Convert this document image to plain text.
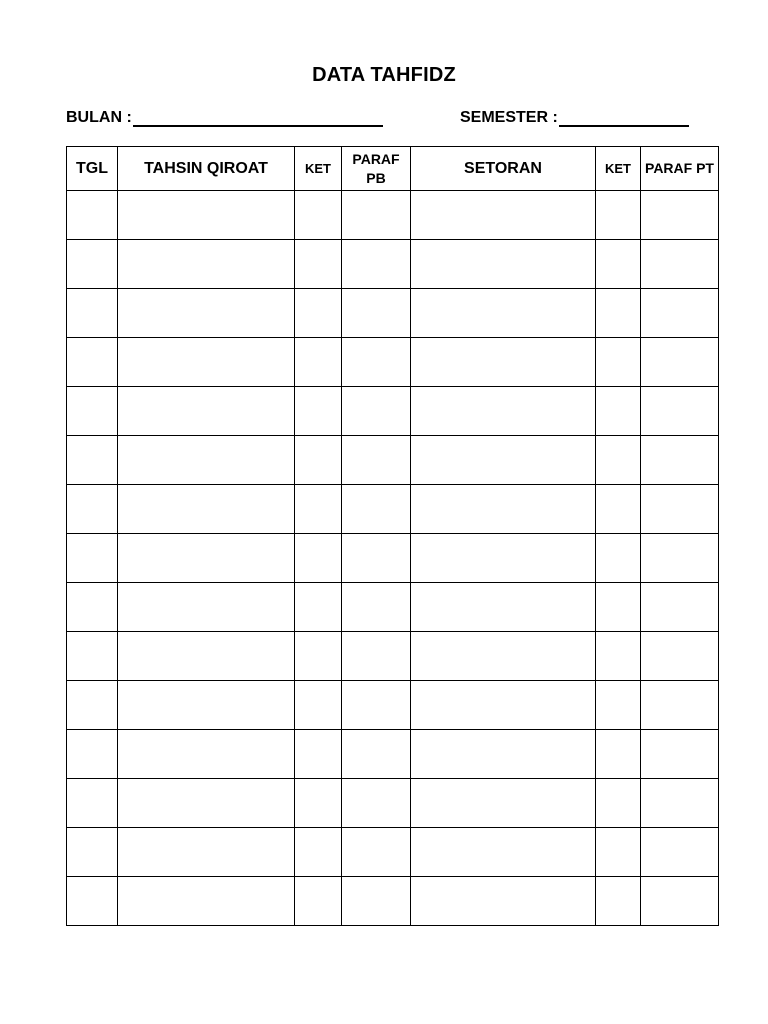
DATA TAHFIDZ
BULAN :	SEMESTER :
TGL	TAHSIN QIROAT	KET	PARAF PB	SETORAN	KET	PARAF PT
